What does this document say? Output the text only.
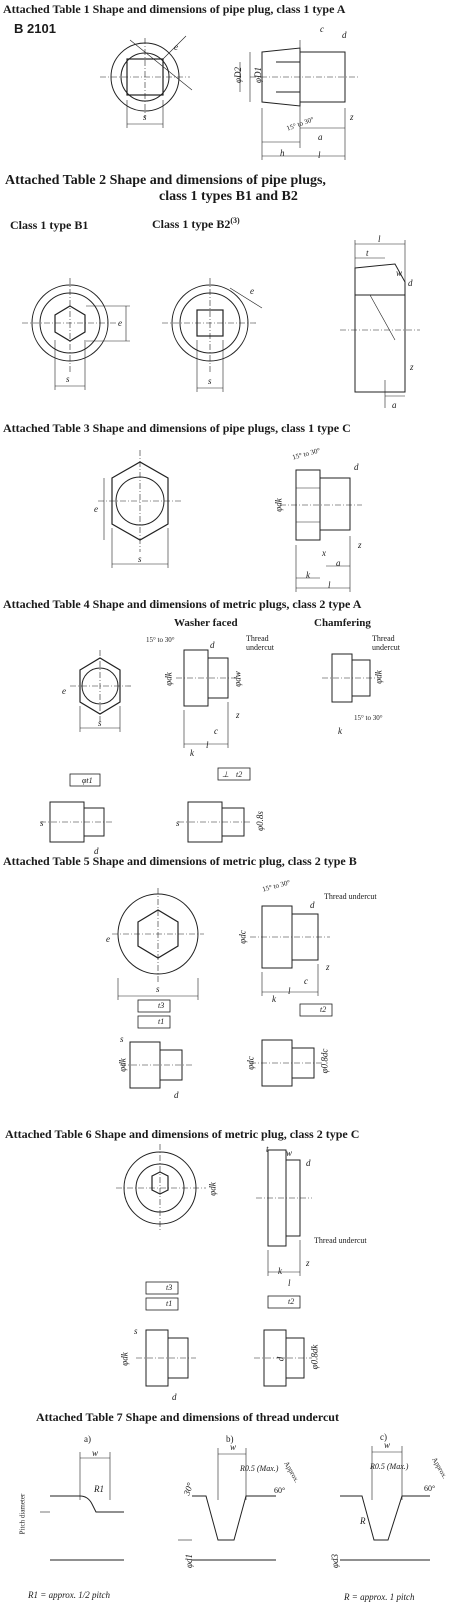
Attached Table 1 Shape and dimensions of pipe plug, class 1 type A
B 2101
Attached Table 2 Shape and dimensions of pipe plugs,
class 1 types B1 and B2
Class 1 type B1	Class 1 type B2$^{(3)}$
Attached Table 3 Shape and dimensions of pipe plugs, class 1 type C
Attached Table 4 Shape and dimensions of metric plugs, class 2 type A
Washer faced	Chamfering
Attached Table 5 Shape and dimensions of metric plug, class 2 type B
Attached Table 6 Shape and dimensions of metric plug, class 2 type C
Attached Table 7 Shape and dimensions of thread undercut
e
s
c
d
φD2 φD1
15° to 30°	z
h
a
l
s
e
s
e
l
t
w
d
z
a
e
s
15° to 30°
d
φdk
z
x
a
k
l
e
s
15° to 30°	Thread
undercut
d
φdk	φdw
z
c
l
k
Thread
undercut
φdk
15° to 30°
k
φt1
s
d
⊥ t2
s	φ0.8s
e
s
15° to 30°
Thread undercut
d
φdc
z
c
l
k
t3
t1
φdk
s
d
t2
φdc	φ0.8dc
t w
d
φdk
Thread undercut
z
k
l
t3
t1
φdk
s
d
t2
d	φ0.8dk
a)	b)	c)
w
R1
Pitch diameter
R1 = approx. 1/2 pitch
w
R0.5 (Max.)
30°
φd1
Approx.
60°
w
R0.5 (Max.)
R
φd3
Approx.
60°
R = approx. 1 pitch
